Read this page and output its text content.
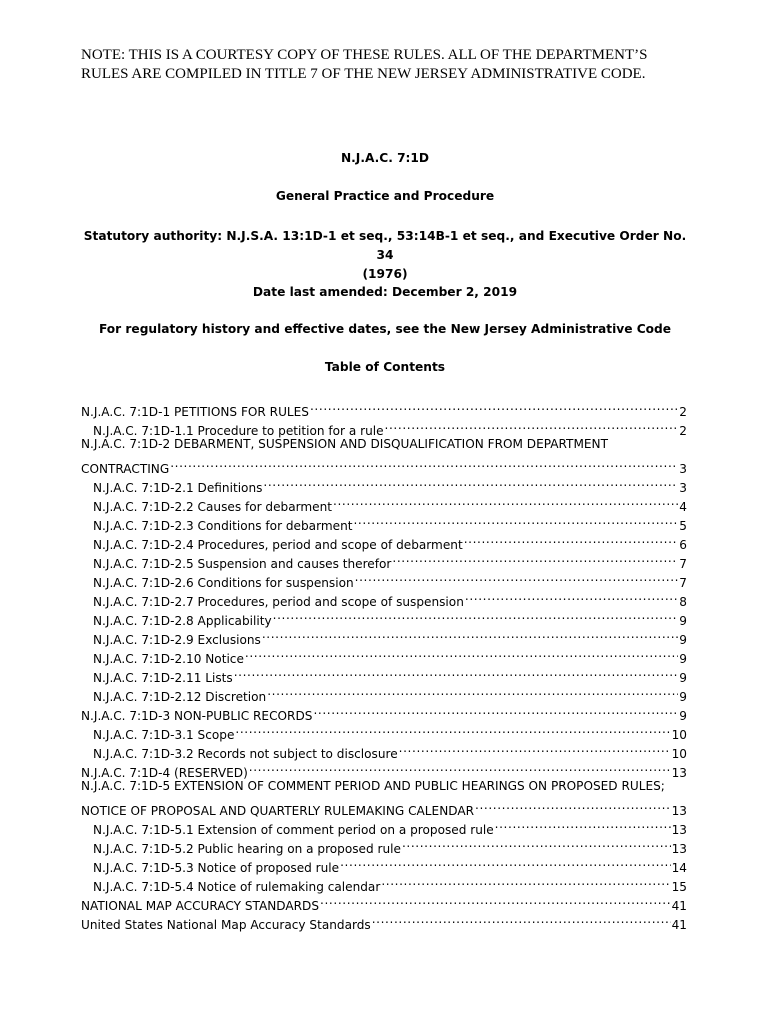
NOTE: THIS IS A COURTESY COPY OF THESE RULES. ALL OF THE DEPARTMENT’S
RULES ARE COMPILED IN TITLE 7 OF THE NEW JERSEY ADMINISTRATIVE CODE.
N.J.A.C. 7:1D
General Practice and Procedure
Statutory authority: N.J.S.A. 13:1D-1 et seq., 53:14B-1 et seq., and Executive Order No. 34
(1976)
Date last amended: December 2, 2019
For regulatory history and effective dates, see the New Jersey Administrative Code
Table of Contents
N.J.A.C. 7:1D-1 PETITIONS FOR RULES .....	2
N.J.A.C. 7:1D-1.1 Procedure to petition for a rule .....	2
N.J.A.C. 7:1D-2 DEBARMENT, SUSPENSION AND DISQUALIFICATION FROM DEPARTMENT
CONTRACTING .....	3
N.J.A.C. 7:1D-2.1 Definitions .....	3
N.J.A.C. 7:1D-2.2 Causes for debarment .....	4
N.J.A.C. 7:1D-2.3 Conditions for debarment .....	5
N.J.A.C. 7:1D-2.4 Procedures, period and scope of debarment .....	6
N.J.A.C. 7:1D-2.5 Suspension and causes therefor .....	7
N.J.A.C. 7:1D-2.6 Conditions for suspension .....	7
N.J.A.C. 7:1D-2.7 Procedures, period and scope of suspension .....	8
N.J.A.C. 7:1D-2.8 Applicability .....	9
N.J.A.C. 7:1D-2.9 Exclusions .....	9
N.J.A.C. 7:1D-2.10 Notice .....	9
N.J.A.C. 7:1D-2.11 Lists .....	9
N.J.A.C. 7:1D-2.12 Discretion .....	9
N.J.A.C. 7:1D-3 NON-PUBLIC RECORDS .....	9
N.J.A.C. 7:1D-3.1 Scope .....	10
N.J.A.C. 7:1D-3.2 Records not subject to disclosure .....	10
N.J.A.C. 7:1D-4 (RESERVED) .....	13
N.J.A.C. 7:1D-5 EXTENSION OF COMMENT PERIOD AND PUBLIC HEARINGS ON PROPOSED RULES;
NOTICE OF PROPOSAL AND QUARTERLY RULEMAKING CALENDAR .....	13
N.J.A.C. 7:1D-5.1 Extension of comment period on a proposed rule .....	13
N.J.A.C. 7:1D-5.2 Public hearing on a proposed rule .....	13
N.J.A.C. 7:1D-5.3 Notice of proposed rule .....	14
N.J.A.C. 7:1D-5.4 Notice of rulemaking calendar .....	15
NATIONAL MAP ACCURACY STANDARDS .....	41
United States National Map Accuracy Standards .....	41
